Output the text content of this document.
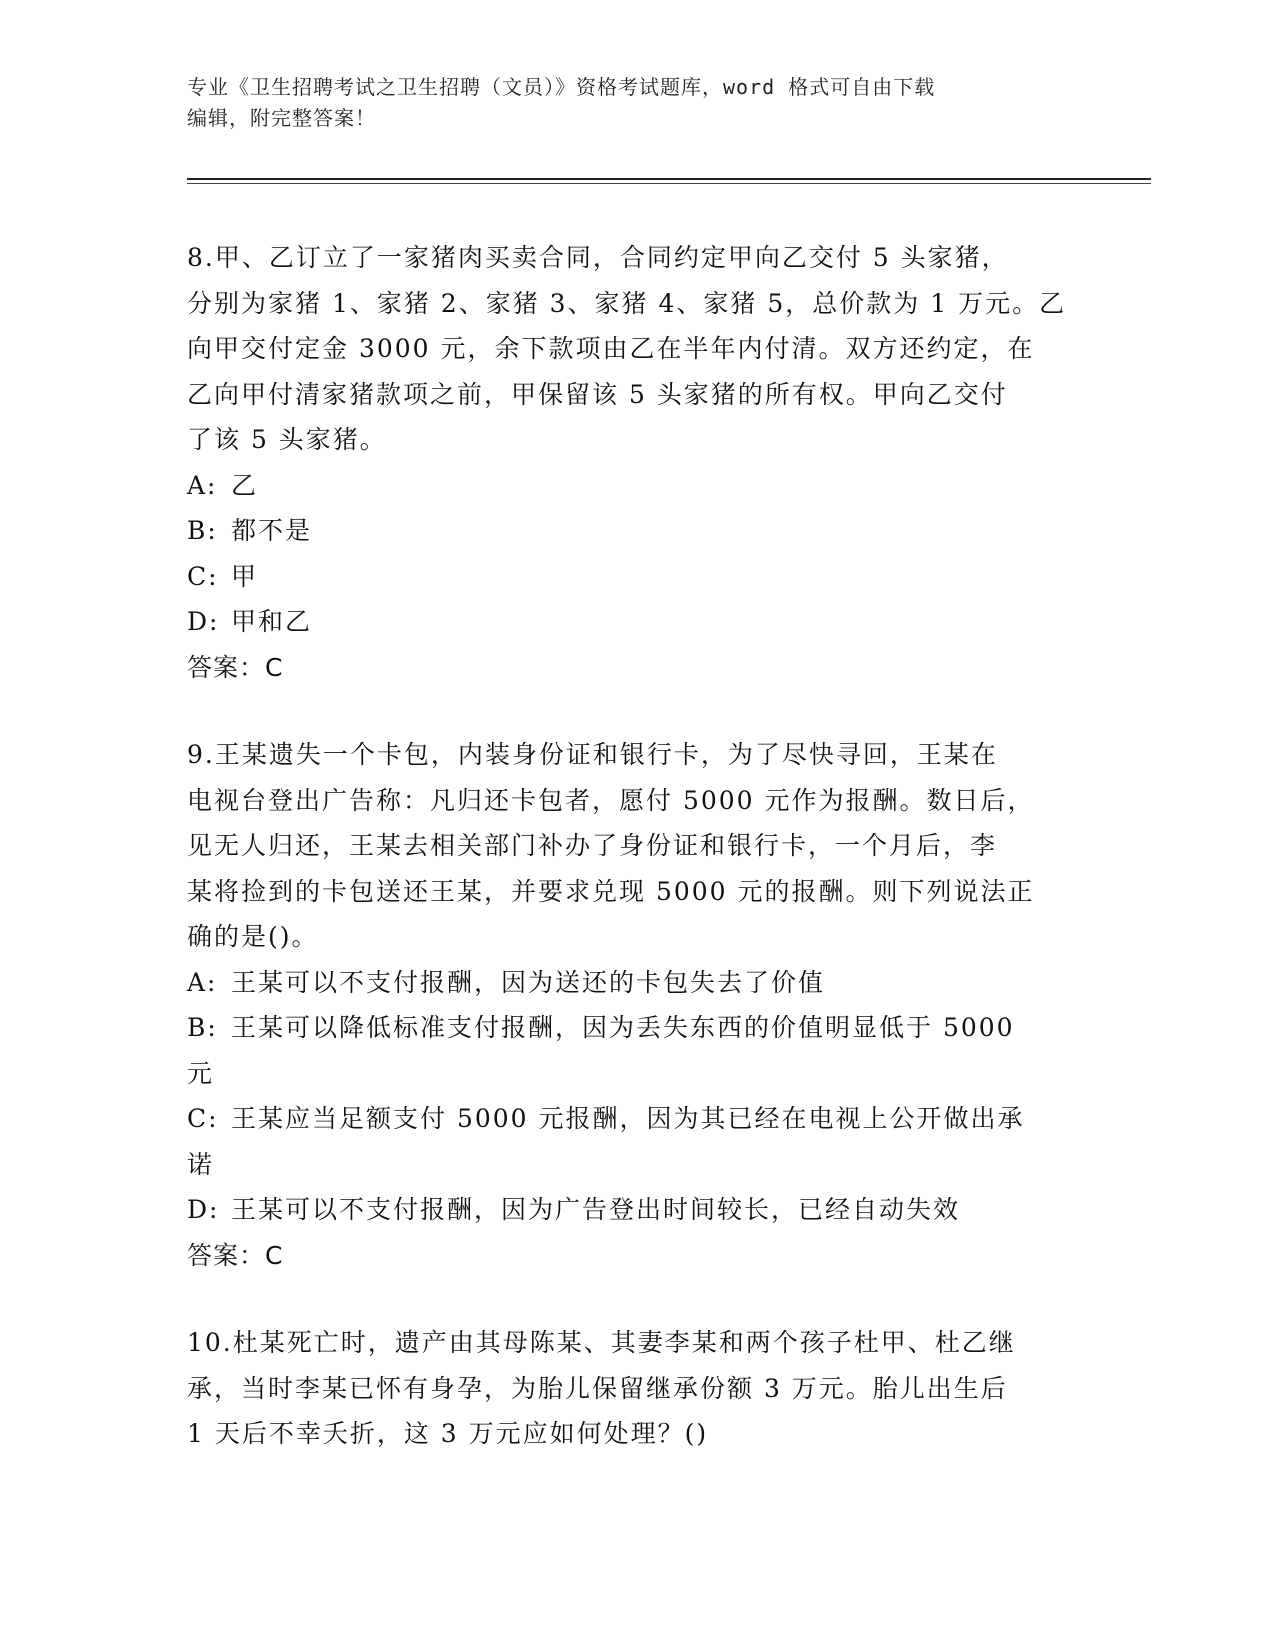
专业《卫生招聘考试之卫生招聘（文员）》资格考试题库，word 格式可自由下载
编辑，附完整答案！
8.甲、乙订立了一家猪肉买卖合同，合同约定甲向乙交付 5 头家猪，
分别为家猪 1、家猪 2、家猪 3、家猪 4、家猪 5，总价款为 1 万元。乙
向甲交付定金 3000 元，余下款项由乙在半年内付清。双方还约定，在
乙向甲付清家猪款项之前，甲保留该 5 头家猪的所有权。甲向乙交付
了该 5 头家猪。
A: 乙
B: 都不是
C: 甲
D: 甲和乙
答案：C
9.王某遗失一个卡包，内装身份证和银行卡，为了尽快寻回，王某在
电视台登出广告称：凡归还卡包者，愿付 5000 元作为报酬。数日后，
见无人归还，王某去相关部门补办了身份证和银行卡，一个月后，李
某将捡到的卡包送还王某，并要求兑现 5000 元的报酬。则下列说法正
确的是()。
A: 王某可以不支付报酬，因为送还的卡包失去了价值
B: 王某可以降低标准支付报酬，因为丢失东西的价值明显低于 5000
元
C: 王某应当足额支付 5000 元报酬，因为其已经在电视上公开做出承
诺
D: 王某可以不支付报酬，因为广告登出时间较长，已经自动失效
答案：C
10.杜某死亡时，遗产由其母陈某、其妻李某和两个孩子杜甲、杜乙继
承，当时李某已怀有身孕，为胎儿保留继承份额 3 万元。胎儿出生后
1 天后不幸夭折，这 3 万元应如何处理？()
